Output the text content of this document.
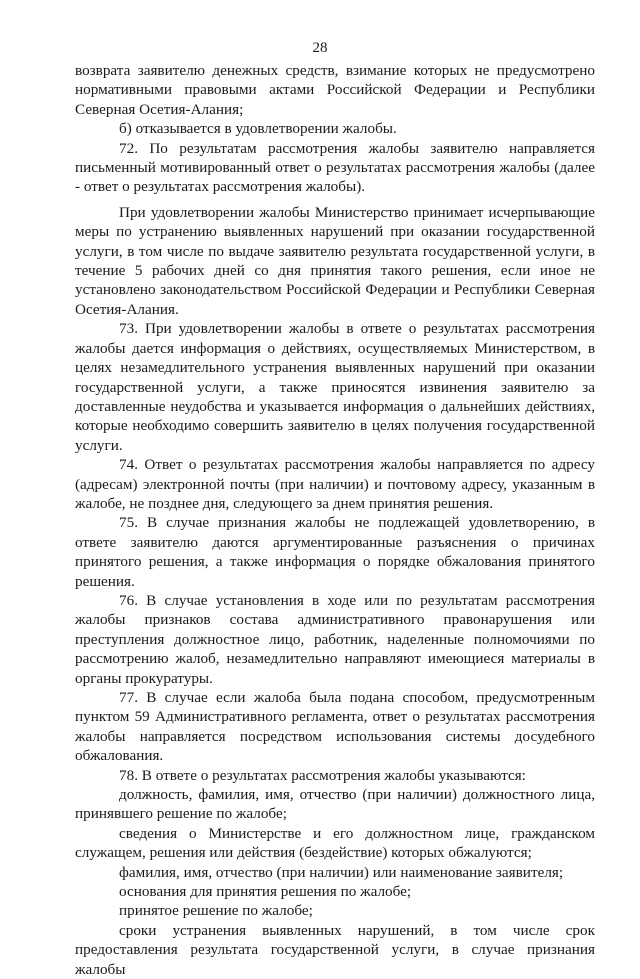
28

возврата заявителю денежных средств, взимание которых не предусмотрено нормативными правовыми актами Российской Федерации и Республики Северная Осетия-Алания;

б) отказывается в удовлетворении жалобы.

72. По результатам рассмотрения жалобы заявителю направляется письменный мотивированный ответ о результатах рассмотрения жалобы (далее - ответ о результатах рассмотрения жалобы).

При удовлетворении жалобы Министерство принимает исчерпывающие меры по устранению выявленных нарушений при оказании государственной услуги, в том числе по выдаче заявителю результата государственной услуги, в течение 5 рабочих дней со дня принятия такого решения, если иное не установлено законодательством Российской Федерации и Республики Северная Осетия-Алания.

73. При удовлетворении жалобы в ответе о результатах рассмотрения жалобы дается информация о действиях, осуществляемых Министерством, в целях незамедлительного устранения выявленных нарушений при оказании государственной услуги, а также приносятся извинения заявителю за доставленные неудобства и указывается информация о дальнейших действиях, которые необходимо совершить заявителю в целях получения государственной услуги.

74. Ответ о результатах рассмотрения жалобы направляется по адресу (адресам) электронной почты (при наличии) и почтовому адресу, указанным в жалобе, не позднее дня, следующего за днем принятия решения.

75. В случае признания жалобы не подлежащей удовлетворению, в ответе заявителю даются аргументированные разъяснения о причинах принятого решения, а также информация о порядке обжалования принятого решения.

76. В случае установления в ходе или по результатам рассмотрения жалобы признаков состава административного правонарушения или преступления должностное лицо, работник, наделенные полномочиями по рассмотрению жалоб, незамедлительно направляют имеющиеся материалы в органы прокуратуры.

77. В случае если жалоба была подана способом, предусмотренным пунктом 59 Административного регламента, ответ о результатах рассмотрения жалобы направляется посредством использования системы досудебного обжалования.

78. В ответе о результатах рассмотрения жалобы указываются:

должность, фамилия, имя, отчество (при наличии) должностного лица, принявшего решение по жалобе;

сведения о Министерстве и его должностном лице, гражданском служащем, решения или действия (бездействие) которых обжалуются;

фамилия, имя, отчество (при наличии) или наименование заявителя;

основания для принятия решения по жалобе;

принятое решение по жалобе;

сроки устранения выявленных нарушений, в том числе срок предоставления результата государственной услуги, в случае признания жалобы
